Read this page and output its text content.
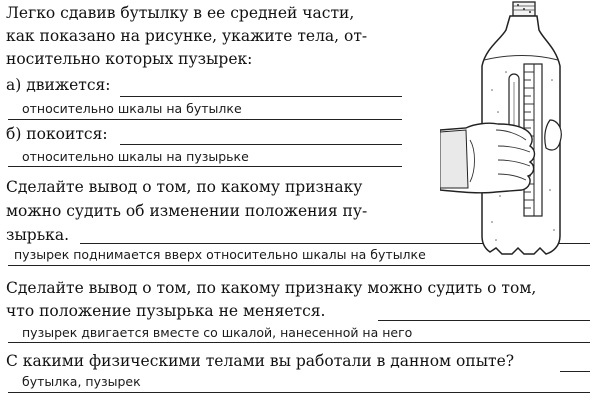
Легко сдавив бутылку в ее средней части,
как показано на рисунке, укажите тела, от-
носительно которых пузырек:
а) движется:
относительно шкалы на бутылке
б) покоится:
относительно шкалы на пузырьке
Сделайте вывод о том, по какому признаку
можно судить об изменении положения пу-
зырька.
пузырек поднимается вверх относительно шкалы на бутылке
Сделайте вывод о том, по какому признаку можно судить о том,
что положение пузырька не меняется.
пузырек двигается вместе со шкалой, нанесенной на него
С какими физическими телами вы работали в данном опыте?
бутылка, пузырек
